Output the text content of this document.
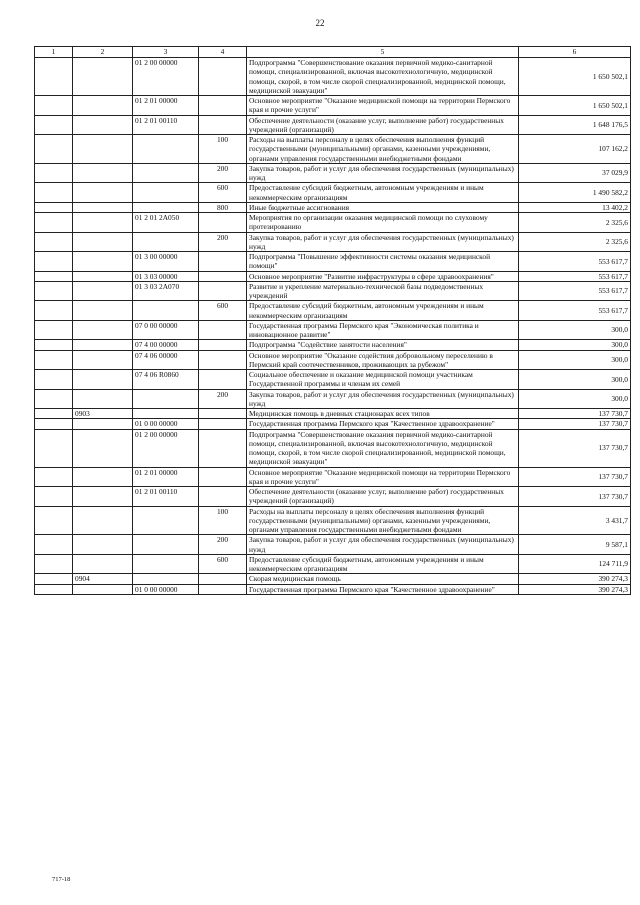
22
1	2	3	4	5	6
		01 2 00 00000		Подпрограмма "Совершенствование оказания первичной медико-санитарной помощи, специализированной, включая высокотехнологичную, медицинской помощи, скорой, в том числе скорой специализированной, медицинской помощи, медицинской эвакуации"	1 650 502,1
		01 2 01 00000		Основное мероприятие "Оказание медицинской помощи на территории Пермского края и прочие услуги"	1 650 502,1
		01 2 01 00110		Обеспечение деятельности (оказание услуг, выполнение работ) государственных учреждений (организаций)	1 648 176,5
			100	Расходы на выплаты персоналу в целях обеспечения выполнения функций государственными (муниципальными) органами, казенными учреждениями, органами управления государственными внебюджетными фондами	107 162,2
			200	Закупка товаров, работ и услуг для обеспечения государственных (муниципальных) нужд	37 029,9
			600	Предоставление субсидий бюджетным, автономным учреждениям и иным некоммерческим организациям	1 490 582,2
			800	Иные бюджетные ассигнования	13 402,2
		01 2 01 2A050		Мероприятия по организации оказания медицинской помощи по слуховому протезированию	2 325,6
			200	Закупка товаров, работ и услуг для обеспечения государственных (муниципальных) нужд	2 325,6
		01 3 00 00000		Подпрограмма "Повышение эффективности системы оказания медицинской помощи"	553 617,7
		01 3 03 00000		Основное мероприятие "Развитие инфраструктуры в сфере здравоохранения"	553 617,7
		01 3 03 2A070		Развитие и укрепление материально-технической базы подведомственных учреждений	553 617,7
			600	Предоставление субсидий бюджетным, автономным учреждениям и иным некоммерческим организациям	553 617,7
		07 0 00 00000		Государственная программа Пермского края "Экономическая политика и инновационное развитие"	300,0
		07 4 00 00000		Подпрограмма "Содействие занятости населения"	300,0
		07 4 06 00000		Основное мероприятие "Оказание содействия добровольному переселению в Пермский край соотечественников, проживающих за рубежом"	300,0
		07 4 06 R0860		Социальное обеспечение и оказание медицинской помощи участникам Государственной программы и членам их семей	300,0
			200	Закупка товаров, работ и услуг для обеспечения государственных (муниципальных) нужд	300,0
	0903			Медицинская помощь в дневных стационарах всех типов	137 730,7
		01 0 00 00000		Государственная программа Пермского края "Качественное здравоохранение"	137 730,7
		01 2 00 00000		Подпрограмма "Совершенствование оказания первичной медико-санитарной помощи, специализированной, включая высокотехнологичную, медицинской помощи, скорой, в том числе скорой специализированной, медицинской помощи, медицинской эвакуации"	137 730,7
		01 2 01 00000		Основное мероприятие "Оказание медицинской помощи на территории Пермского края и прочие услуги"	137 730,7
		01 2 01 00110		Обеспечение деятельности (оказание услуг, выполнение работ) государственных учреждений (организаций)	137 730,7
			100	Расходы на выплаты персоналу в целях обеспечения выполнения функций государственными (муниципальными) органами, казенными учреждениями, органами управления государственными внебюджетными фондами	3 431,7
			200	Закупка товаров, работ и услуг для обеспечения государственных (муниципальных) нужд	9 587,1
			600	Предоставление субсидий бюджетным, автономным учреждениям и иным некоммерческим организациям	124 711,9
	0904			Скорая медицинская помощь	390 274,3
		01 0 00 00000		Государственная программа Пермского края "Качественное здравоохранение"	390 274,3
717-18
